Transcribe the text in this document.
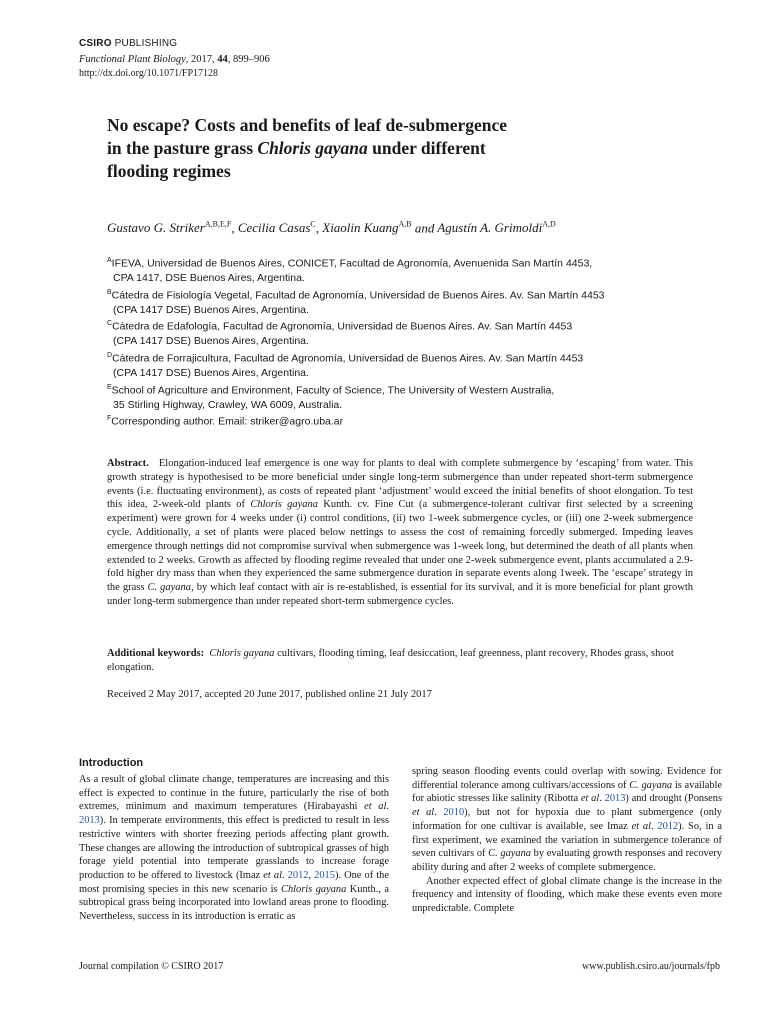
CSIRO PUBLISHING
Functional Plant Biology, 2017, 44, 899–906
http://dx.doi.org/10.1071/FP17128
No escape? Costs and benefits of leaf de-submergence
in the pasture grass Chloris gayana under different
flooding regimes
Gustavo G. Striker$^{A,B,E,F}$, Cecilia Casas$^C$, Xiaolin Kuang$^{A,B}$ and Agustín A. Grimoldi$^{A,D}$
$^A$IFEVA, Universidad de Buenos Aires, CONICET, Facultad de Agronomía, Avenuenida San Martín 4453,
CPA 1417, DSE Buenos Aires, Argentina.
$^B$Cátedra de Fisiología Vegetal, Facultad de Agronomía, Universidad de Buenos Aires. Av. San Martín 4453
(CPA 1417 DSE) Buenos Aires, Argentina.
$^C$Cátedra de Edafología, Facultad de Agronomía, Universidad de Buenos Aires. Av. San Martín 4453
(CPA 1417 DSE) Buenos Aires, Argentina.
$^D$Cátedra de Forrajicultura, Facultad de Agronomía, Universidad de Buenos Aires. Av. San Martín 4453
(CPA 1417 DSE) Buenos Aires, Argentina.
$^E$School of Agriculture and Environment, Faculty of Science, The University of Western Australia,
35 Stirling Highway, Crawley, WA 6009, Australia.
$^F$Corresponding author. Email: striker@agro.uba.ar
Abstract. Elongation-induced leaf emergence is one way for plants to deal with complete submergence by ‘escaping’ from water. This growth strategy is hypothesised to be more beneficial under single long-term submergence than under repeated short-term submergence events (i.e. fluctuating environment), as costs of repeated plant ‘adjustment’ would exceed the initial benefits of shoot elongation. To test this idea, 2-week-old plants of Chloris gayana Kunth. cv. Fine Cut (a submergence-tolerant cultivar first selected by a screening experiment) were grown for 4 weeks under (i) control conditions, (ii) two 1-week submergence cycles, or (iii) one 2-week submergence cycle. Additionally, a set of plants were placed below nettings to assess the cost of remaining forcedly submerged. Impeding leaves emergence through nettings did not compromise survival when submergence was 1-week long, but determined the death of all plants when extended to 2 weeks. Growth as affected by flooding regime revealed that under one 2-week submergence event, plants accumulated a 2.9-fold higher dry mass than when they experienced the same submergence duration in separate events along 1week. The ‘escape’ strategy in the grass C. gayana, by which leaf contact with air is re-established, is essential for its survival, and it is more beneficial for plant growth under long-term submergence than under repeated short-term submergence cycles.
Additional keywords: Chloris gayana cultivars, flooding timing, leaf desiccation, leaf greenness, plant recovery, Rhodes grass, shoot elongation.
Received 2 May 2017, accepted 20 June 2017, published online 21 July 2017
Introduction

As a result of global climate change, temperatures are increasing and this effect is expected to continue in the future, particularly the rise of both extremes, minimum and maximum temperatures (Hirabayashi et al. 2013). In temperate environments, this effect is predicted to result in less restrictive winters with shorter freezing periods affecting plant growth. These changes are allowing the introduction of subtropical grasses of high forage yield potential into temperate grasslands to increase forage production to be offered to livestock (Imaz et al. 2012, 2015). One of the most promising species in this new scenario is Chloris gayana Kunth., a subtropical grass being incorporated into lowland areas prone to flooding. Nevertheless, success in its introduction is erratic as

spring season flooding events could overlap with sowing. Evidence for differential tolerance among cultivars/accessions of C. gayana is available for abiotic stresses like salinity (Ribotta et al. 2013) and drought (Ponsens et al. 2010), but not for hypoxia due to plant submergence (only information for one cultivar is available, see Imaz et al. 2012). So, in a first experiment, we examined the variation in submergence tolerance of seven cultivars of C. gayana by evaluating growth responses and recovery ability during and after 2 weeks of complete submergence.

Another expected effect of global climate change is the increase in the frequency and intensity of flooding, which make these events even more unpredictable. Complete

Journal compilation © CSIRO 2017	www.publish.csiro.au/journals/fpb
